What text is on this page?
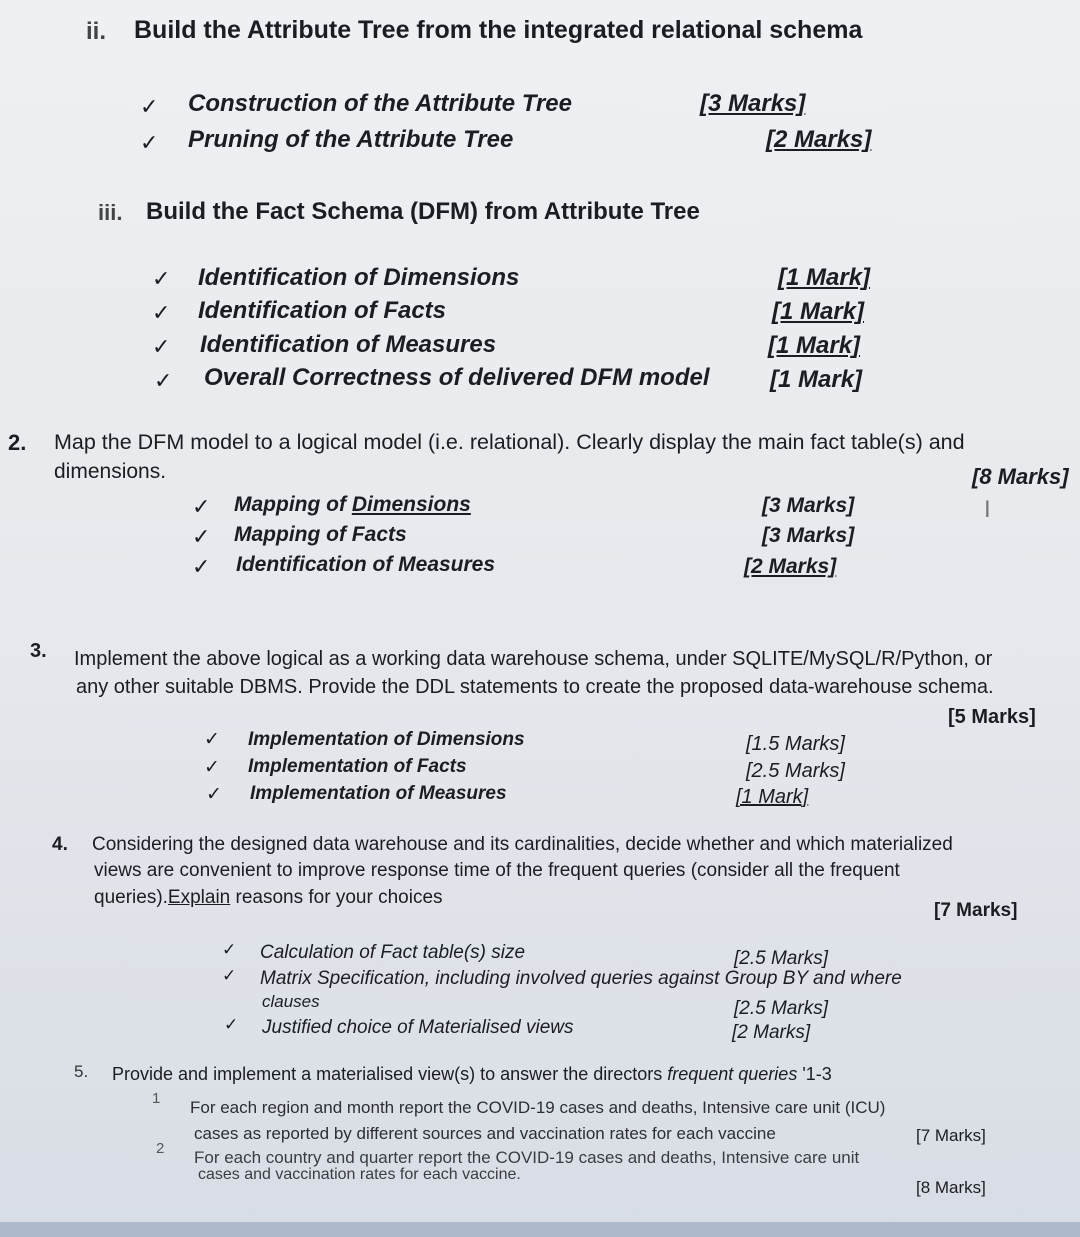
ii. Build the Attribute Tree from the integrated relational schema
✓ Construction of the Attribute Tree	[3 Marks]
✓ Pruning of the Attribute Tree	[2 Marks]
iii. Build the Fact Schema (DFM) from Attribute Tree
✓ Identification of Dimensions	[1 Mark]
✓ Identification of Facts	[1 Mark]
✓ Identification of Measures	[1 Mark]
✓ Overall Correctness of delivered DFM model	[1 Mark]
2. Map the DFM model to a logical model (i.e. relational). Clearly display the main fact table(s) and
dimensions.	[8 Marks]
I
✓ Mapping of Dimensions	[3 Marks]
✓ Mapping of Facts	[3 Marks]
✓ Identification of Measures	[2 Marks]
3. Implement the above logical as a working data warehouse schema, under SQLITE/MySQL/R/Python, or
any other suitable DBMS. Provide the DDL statements to create the proposed data-warehouse schema.
[5 Marks]
✓ Implementation of Dimensions	[1.5 Marks]
✓ Implementation of Facts	[2.5 Marks]
✓ Implementation of Measures	[1 Mark]
4. Considering the designed data warehouse and its cardinalities, decide whether and which materialized
views are convenient to improve response time of the frequent queries (consider all the frequent
queries).Explain reasons for your choices
[7 Marks]
✓ Calculation of Fact table(s) size	[2.5 Marks]
✓ Matrix Specification, including involved queries against Group BY and where
clauses	[2.5 Marks]
✓ Justified choice of Materialised views	[2 Marks]
5. Provide and implement a materialised view(s) to answer the directors frequent queries '1-3
1 For each region and month report the COVID-19 cases and deaths, Intensive care unit (ICU)
cases as reported by different sources and vaccination rates for each vaccine	[7 Marks]
2 For each country and quarter report the COVID-19 cases and deaths, Intensive care unit
cases and vaccination rates for each vaccine.
[8 Marks]
